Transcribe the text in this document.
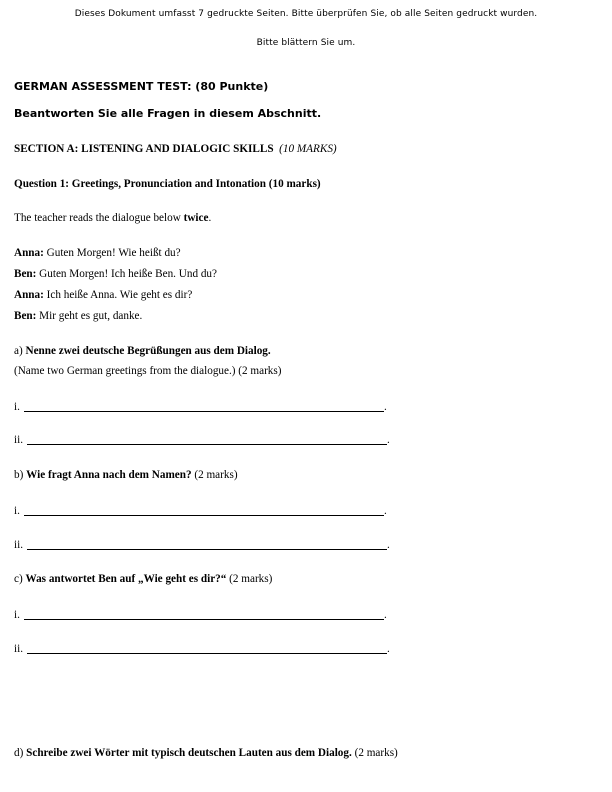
Dieses Dokument umfasst 7 gedruckte Seiten. Bitte überprüfen Sie, ob alle Seiten gedruckt wurden.
Bitte blättern Sie um.
GERMAN ASSESSMENT TEST: (80 Punkte)
Beantworten Sie alle Fragen in diesem Abschnitt.
SECTION A: LISTENING AND DIALOGIC SKILLS (10 MARKS)
Question 1: Greetings, Pronunciation and Intonation (10 marks)
The teacher reads the dialogue below twice.
Anna: Guten Morgen! Wie heißt du?
Ben: Guten Morgen! Ich heiße Ben. Und du?
Anna: Ich heiße Anna. Wie geht es dir?
Ben: Mir geht es gut, danke.
a) Nenne zwei deutsche Begrüßungen aus dem Dialog.
(Name two German greetings from the dialogue.) (2 marks)
i.	.
ii.	.
b) Wie fragt Anna nach dem Namen? (2 marks)
i.	.
ii.	.
c) Was antwortet Ben auf „Wie geht es dir?“ (2 marks)
i.	.
ii.	.
d) Schreibe zwei Wörter mit typisch deutschen Lauten aus dem Dialog. (2 marks)
